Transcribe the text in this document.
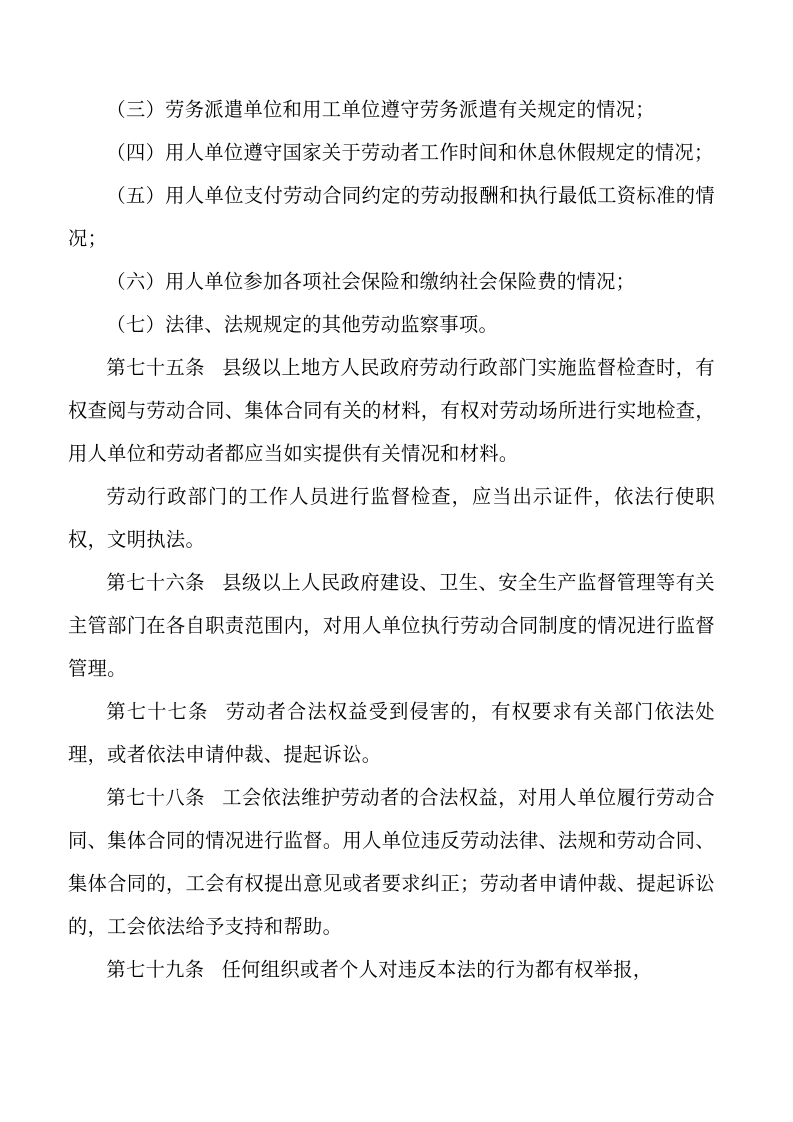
（三）劳务派遣单位和用工单位遵守劳务派遣有关规定的情况；

（四）用人单位遵守国家关于劳动者工作时间和休息休假规定的情况；

（五）用人单位支付劳动合同约定的劳动报酬和执行最低工资标准的情况；

（六）用人单位参加各项社会保险和缴纳社会保险费的情况；

（七）法律、法规规定的其他劳动监察事项。

第七十五条 县级以上地方人民政府劳动行政部门实施监督检查时，有权查阅与劳动合同、集体合同有关的材料，有权对劳动场所进行实地检查，用人单位和劳动者都应当如实提供有关情况和材料。

劳动行政部门的工作人员进行监督检查，应当出示证件，依法行使职权，文明执法。

第七十六条 县级以上人民政府建设、卫生、安全生产监督管理等有关主管部门在各自职责范围内，对用人单位执行劳动合同制度的情况进行监督管理。

第七十七条 劳动者合法权益受到侵害的，有权要求有关部门依法处理，或者依法申请仲裁、提起诉讼。

第七十八条 工会依法维护劳动者的合法权益，对用人单位履行劳动合同、集体合同的情况进行监督。用人单位违反劳动法律、法规和劳动合同、集体合同的，工会有权提出意见或者要求纠正；劳动者申请仲裁、提起诉讼的，工会依法给予支持和帮助。

第七十九条 任何组织或者个人对违反本法的行为都有权举报，
